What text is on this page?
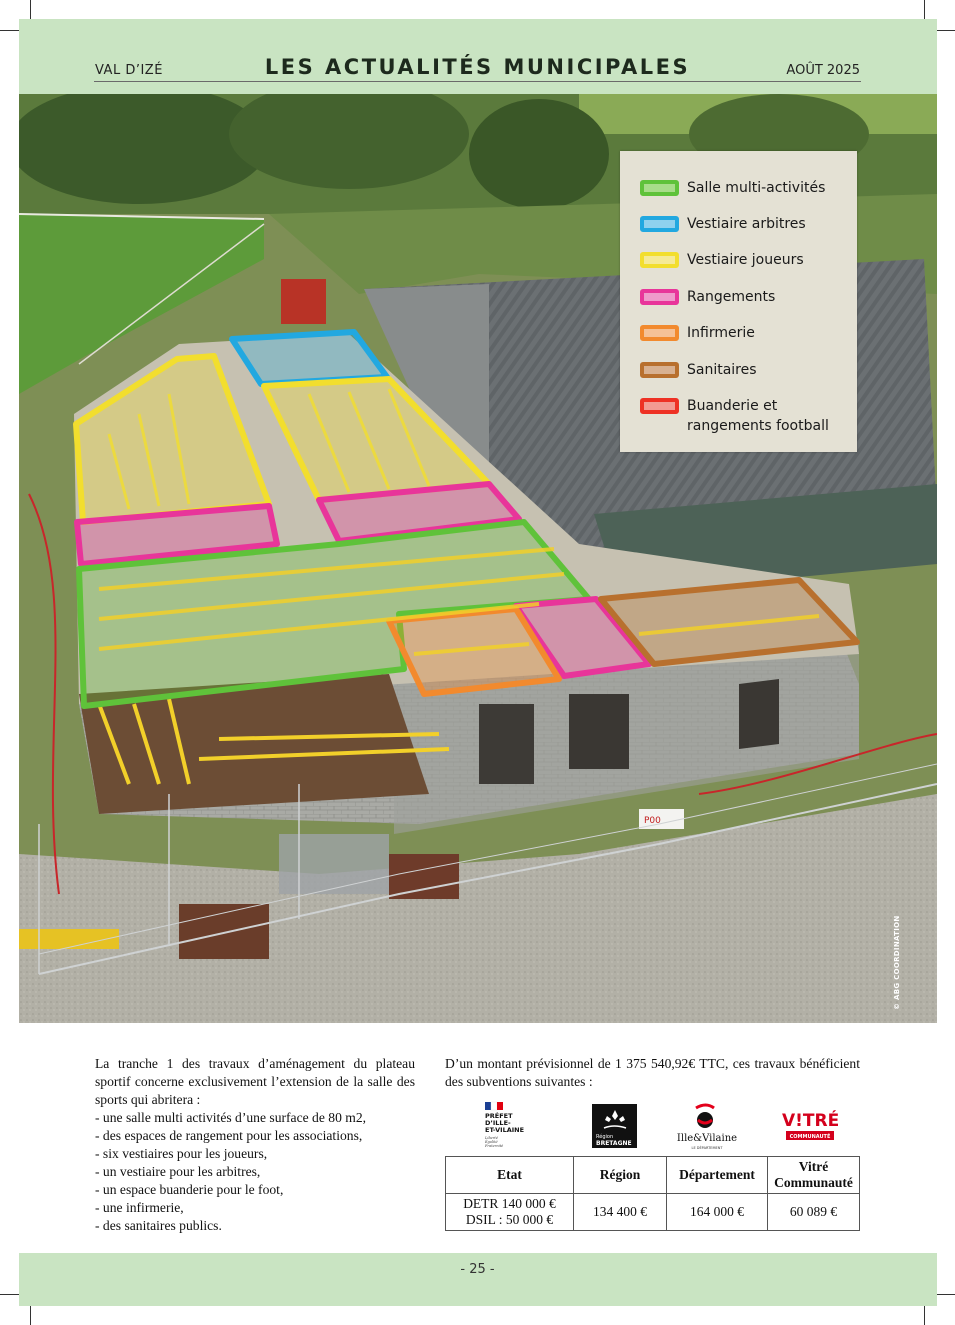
VAL D’IZÉ	LES ACTUALITÉS MUNICIPALES	AOÛT 2025
P00
© ABG COORDINATION
Salle multi-activités
Vestiaire arbitres
Vestiaire joueurs
Rangements
Infirmerie
Sanitaires
Buanderie et rangements football

La tranche 1 des travaux d’aménagement du plateau sportif concerne exclusivement l’extension de la salle des sports qui abritera :

- une salle multi activités d’une surface de 80 m2,
- des espaces de rangement pour les associations,
- six vestiaires pour les joueurs,
- un vestiaire pour les arbitres,
- un espace buanderie pour le foot,
- une infirmerie,
- des sanitaires publics.
D’un montant prévisionnel de 1 375 540,92€ TTC, ces travaux bénéficient des subventions suivantes :
PRÉFET
D’ILLE-
ET-VILAINE
Liberté
Égalité
Fraternité
Région
BRETAGNE	Ille&Vilaine
LE DÉPARTEMENT
V!TRÉ
COMMUNAUTÉ
Etat	Région	Département	Vitré Communauté

DETR 140 000 €
DSIL : 50 000 €	134 400 €	164 000 €	60 089 €
- 25 -
